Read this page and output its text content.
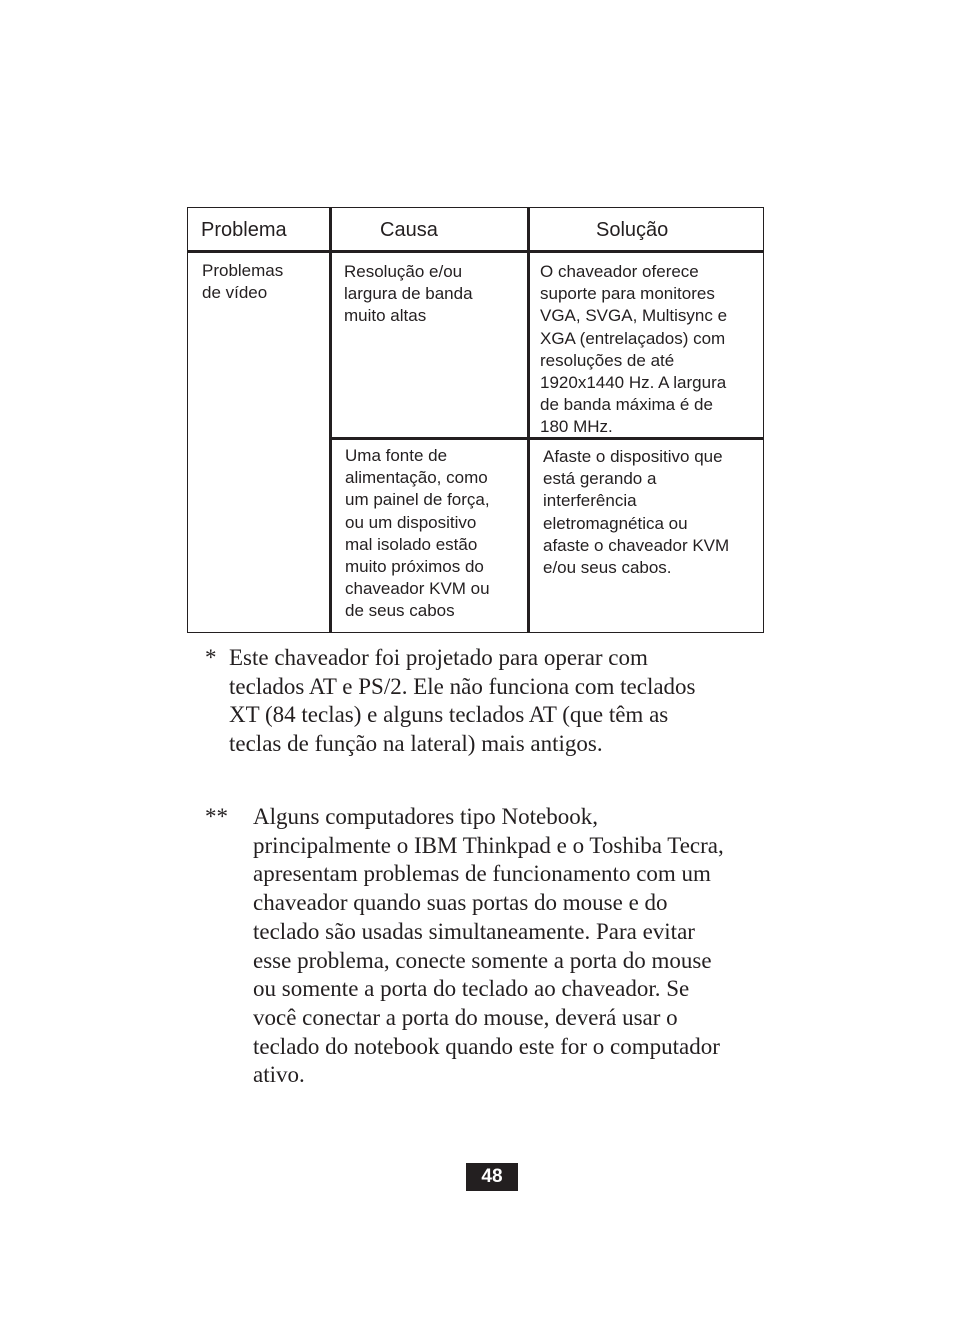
Problema	Causa	Solução
Problemas
de vídeo
Resolução e/ou
largura de banda
muito altas
O chaveador oferece
suporte para monitores
VGA, SVGA, Multisync e
XGA (entrelaçados) com
resoluções de até
1920x1440 Hz. A largura
de banda máxima é de
180 MHz.
Uma fonte de
alimentação, como
um painel de força,
ou um dispositivo
mal isolado estão
muito próximos do
chaveador KVM ou
de seus cabos
Afaste o dispositivo que
está gerando a
interferência
eletromagnética ou
afaste o chaveador KVM
e/ou seus cabos.
* Este chaveador foi projetado para operar com
teclados AT e PS/2. Ele não funciona com teclados
XT (84 teclas) e alguns teclados AT (que têm as
teclas de função na lateral) mais antigos.
** Alguns computadores tipo Notebook,
principalmente o IBM Thinkpad e o Toshiba Tecra,
apresentam problemas de funcionamento com um
chaveador quando suas portas do mouse e do
teclado são usadas simultaneamente. Para evitar
esse problema, conecte somente a porta do mouse
ou somente a porta do teclado ao chaveador. Se
você conectar a porta do mouse, deverá usar o
teclado do notebook quando este for o computador
ativo.
48
